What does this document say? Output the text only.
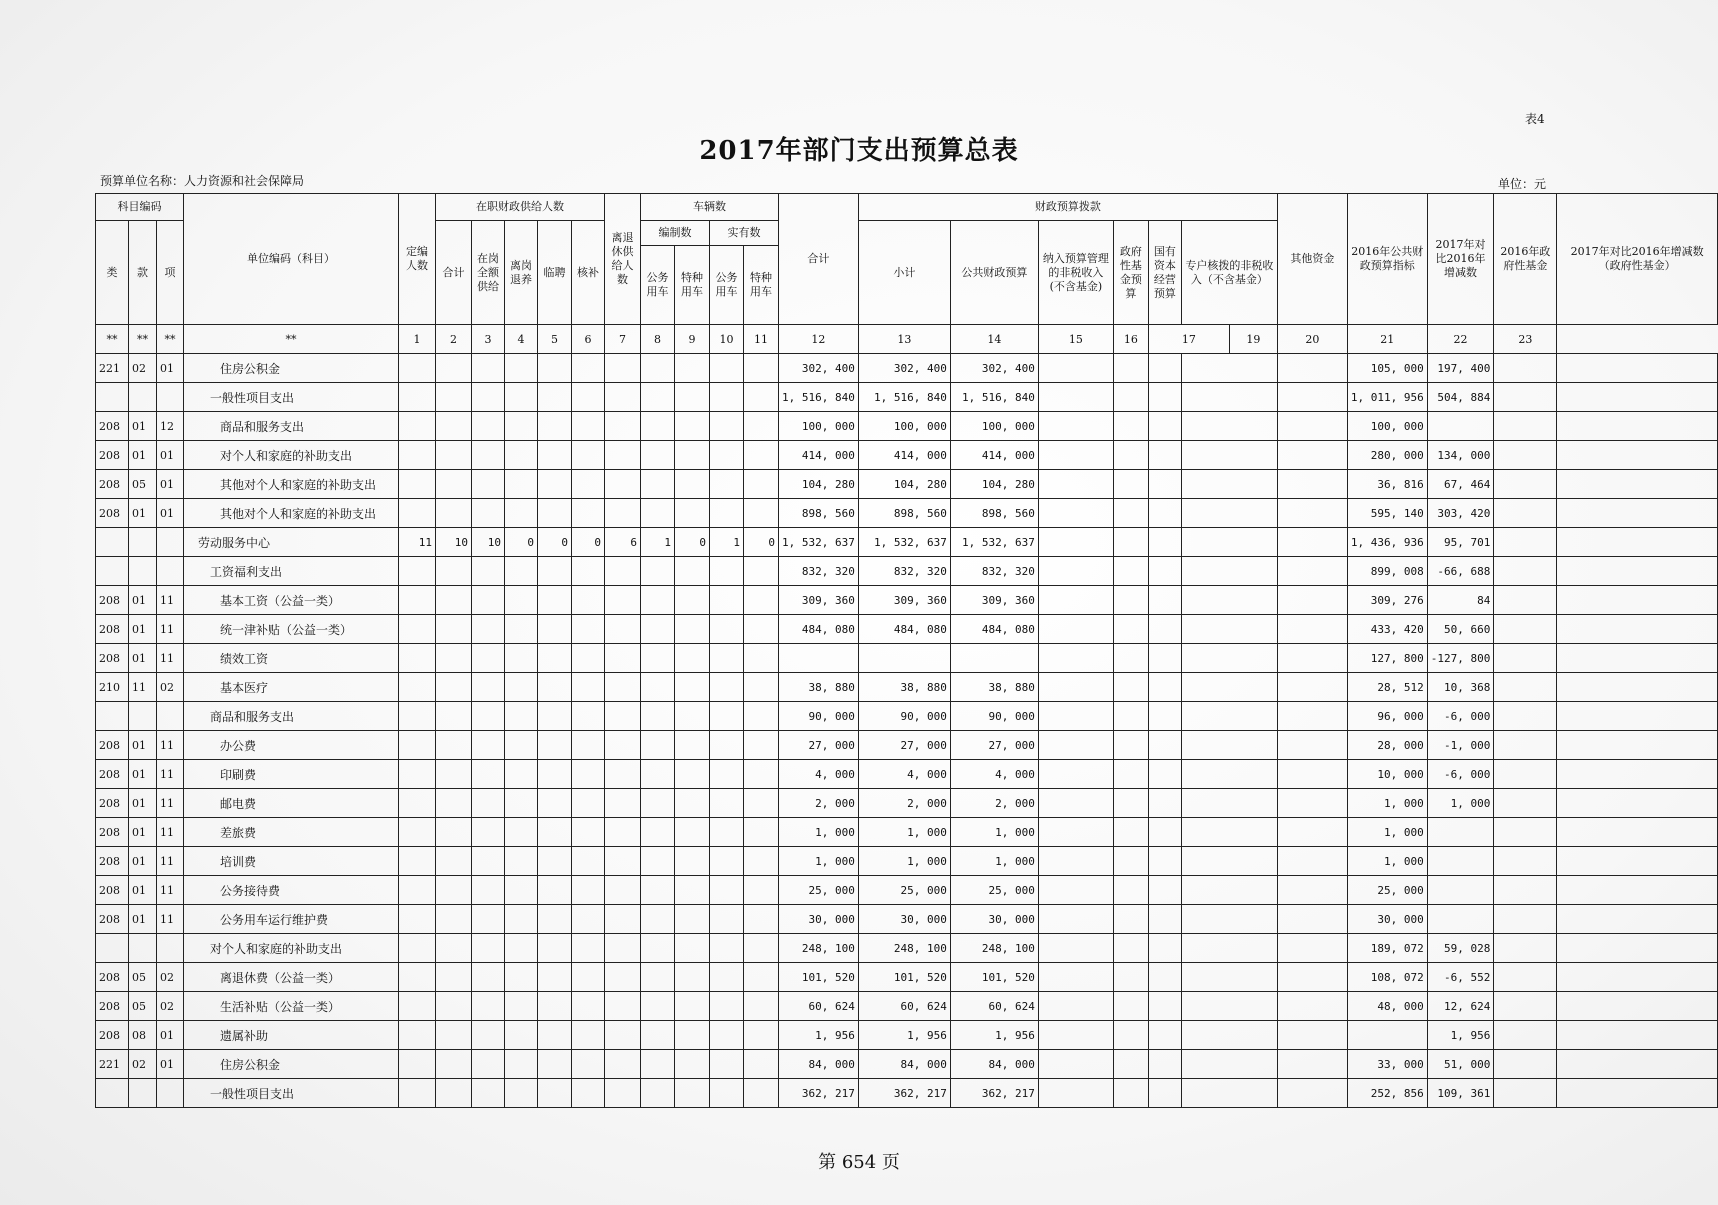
表4
2017年部门支出预算总表
预算单位名称：人力资源和社会保障局	单位：元
科目编码			单位编码（科目）	定编人数	在职财政供给人数					离退休供给人数	车辆数				合计	财政预算拨款							其他资金	2016年公共财政预算指标	2017年对比2016年增减数	2016年政府性基金	2017年对比2016年增减数（政府性基金）
类	款	项			合计	在岗全额供给	离岗退养	临聘	核补		编制数		实有数			小计	公共财政预算	纳入预算管理的非税收入(不含基金)	政府性基金预算	国有资本经营预算	专户核拨的非税收入（不含基金）						
											公务用车	特种用车	公务用车	特种用车													
**	**	**	**	1	2	3	4	5	6	7	8	9	10	11	12	13	14	15	16	17		19	20	21	22	23	
221	02	01	住房公积金												302, 400	302, 400	302, 400							105, 000	197, 400		
			一般性项目支出												1, 516, 840	1, 516, 840	1, 516, 840							1, 011, 956	504, 884		
208	01	12	商品和服务支出												100, 000	100, 000	100, 000							100, 000			
208	01	01	对个人和家庭的补助支出												414, 000	414, 000	414, 000							280, 000	134, 000		
208	05	01	其他对个人和家庭的补助支出												104, 280	104, 280	104, 280							36, 816	67, 464		
208	01	01	其他对个人和家庭的补助支出												898, 560	898, 560	898, 560							595, 140	303, 420		
			劳动服务中心	11	10	10	0	0	0	6	1	0	1	0	1, 532, 637	1, 532, 637	1, 532, 637							1, 436, 936	95, 701		
			工资福利支出												832, 320	832, 320	832, 320							899, 008	-66, 688		
208	01	11	基本工资（公益一类）												309, 360	309, 360	309, 360							309, 276	84		
208	01	11	统一津补贴（公益一类）												484, 080	484, 080	484, 080							433, 420	50, 660		
208	01	11	绩效工资																					127, 800	-127, 800		
210	11	02	基本医疗												38, 880	38, 880	38, 880							28, 512	10, 368		
			商品和服务支出												90, 000	90, 000	90, 000							96, 000	-6, 000		
208	01	11	办公费												27, 000	27, 000	27, 000							28, 000	-1, 000		
208	01	11	印刷费												4, 000	4, 000	4, 000							10, 000	-6, 000		
208	01	11	邮电费												2, 000	2, 000	2, 000							1, 000	1, 000		
208	01	11	差旅费												1, 000	1, 000	1, 000							1, 000			
208	01	11	培训费												1, 000	1, 000	1, 000							1, 000			
208	01	11	公务接待费												25, 000	25, 000	25, 000							25, 000			
208	01	11	公务用车运行维护费												30, 000	30, 000	30, 000							30, 000			
			对个人和家庭的补助支出												248, 100	248, 100	248, 100							189, 072	59, 028		
208	05	02	离退休费（公益一类）												101, 520	101, 520	101, 520							108, 072	-6, 552		
208	05	02	生活补贴（公益一类）												60, 624	60, 624	60, 624							48, 000	12, 624		
208	08	01	遗属补助												1, 956	1, 956	1, 956								1, 956		
221	02	01	住房公积金												84, 000	84, 000	84, 000							33, 000	51, 000		
			一般性项目支出												362, 217	362, 217	362, 217							252, 856	109, 361		
第 654 页
